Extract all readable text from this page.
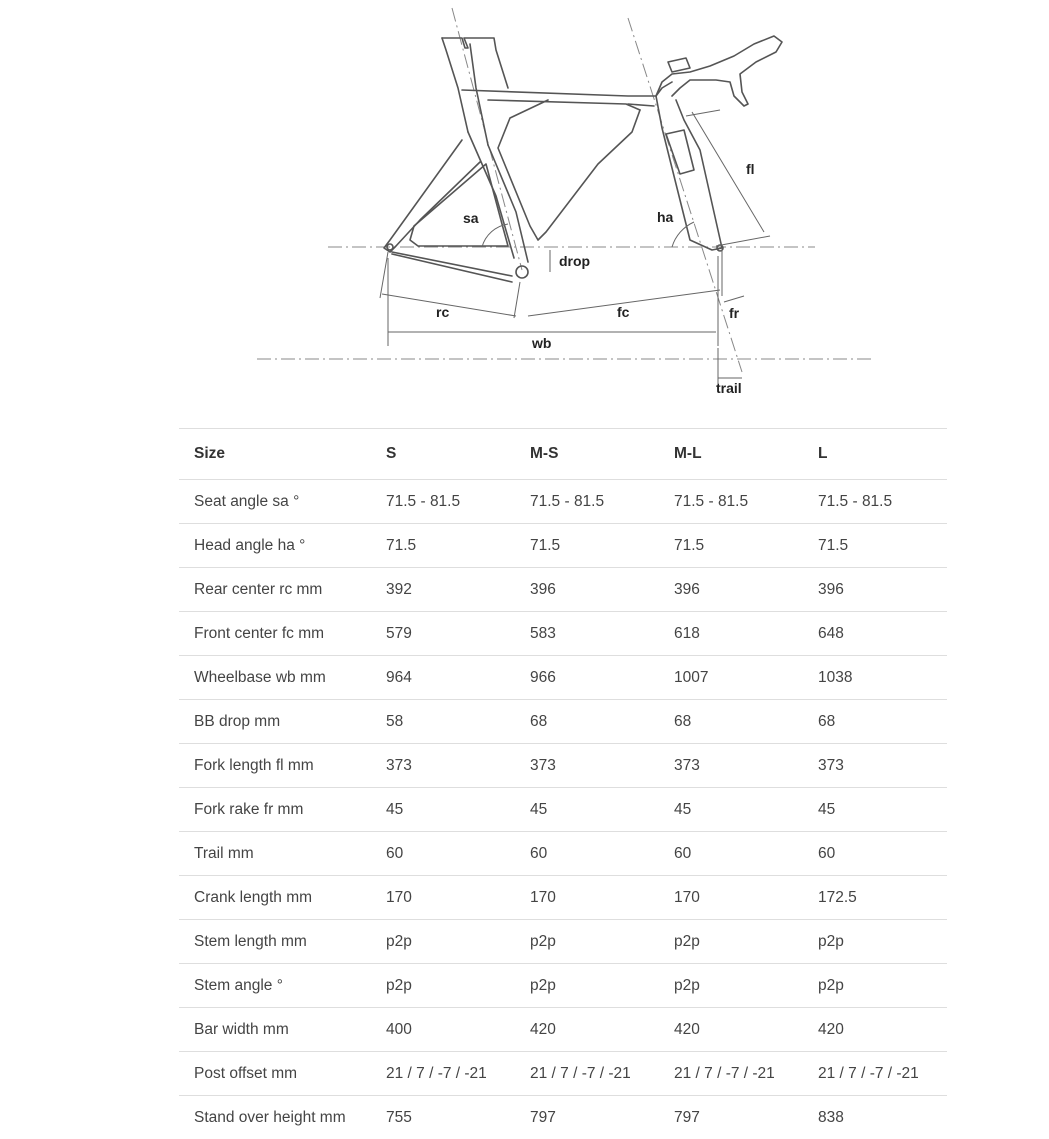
sa	ha
fl
drop
rc	fc	fr
wb
trail
Size	S	M-S	M-L	L
Seat angle sa °	71.5 - 81.5	71.5 - 81.5	71.5 - 81.5	71.5 - 81.5
Head angle ha °	71.5	71.5	71.5	71.5
Rear center rc mm	392	396	396	396
Front center fc mm	579	583	618	648
Wheelbase wb mm	964	966	1007	1038
BB drop mm	58	68	68	68
Fork length fl mm	373	373	373	373
Fork rake fr mm	45	45	45	45
Trail mm	60	60	60	60
Crank length mm	170	170	170	172.5
Stem length mm	p2p	p2p	p2p	p2p
Stem angle °	p2p	p2p	p2p	p2p
Bar width mm	400	420	420	420
Post offset mm	21 / 7 / -7 / -21	21 / 7 / -7 / -21	21 / 7 / -7 / -21	21 / 7 / -7 / -21
Stand over height mm	755	797	797	838
